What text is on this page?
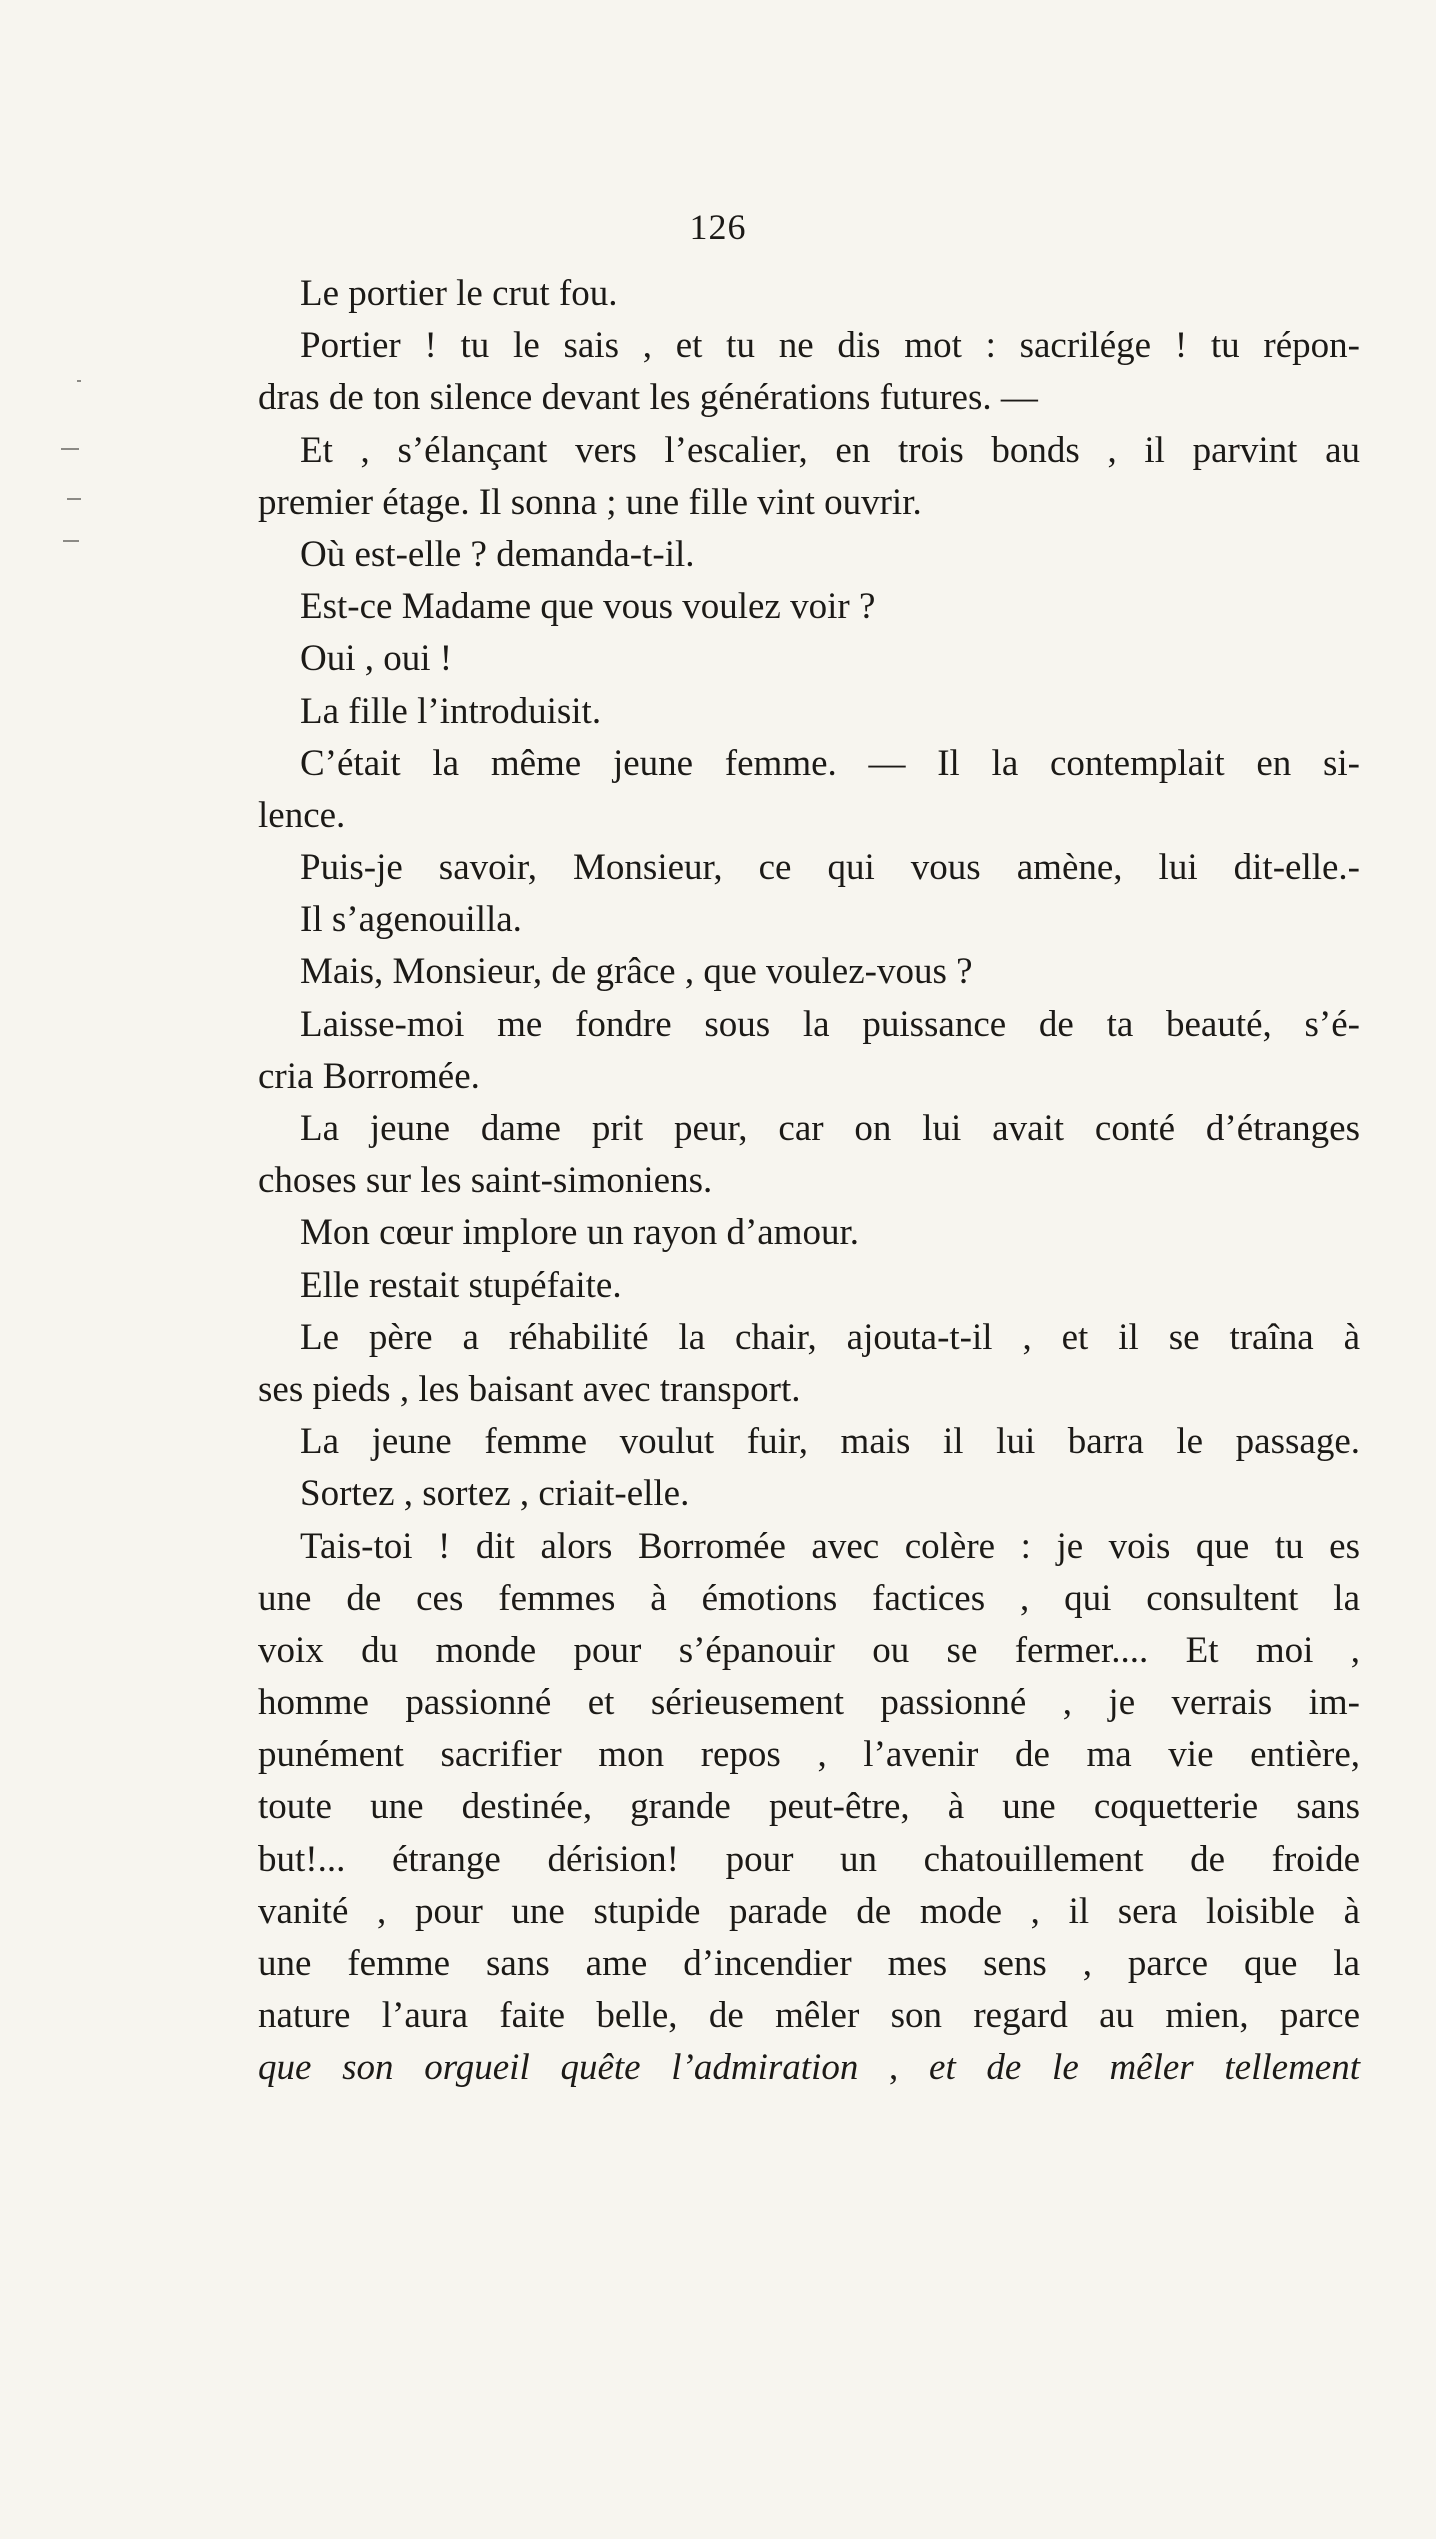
126
Le portier le crut fou.
Portier ! tu le sais , et tu ne dis mot : sacrilége ! tu répon-
dras de ton silence devant les générations futures. —
Et , s’élançant vers l’escalier, en trois bonds , il parvint au
premier étage. Il sonna ; une fille vint ouvrir.
Où est-elle ? demanda-t-il.
Est-ce Madame que vous voulez voir ?
Oui , oui !
La fille l’introduisit.
C’était la même jeune femme. — Il la contemplait en si-
lence.
Puis-je savoir, Monsieur, ce qui vous amène, lui dit-elle.-
Il s’agenouilla.
Mais, Monsieur, de grâce , que voulez-vous ?
Laisse-moi me fondre sous la puissance de ta beauté, s’é-
cria Borromée.
La jeune dame prit peur, car on lui avait conté d’étranges
choses sur les saint-simoniens.
Mon cœur implore un rayon d’amour.
Elle restait stupéfaite.
Le père a réhabilité la chair, ajouta-t-il , et il se traîna à
ses pieds , les baisant avec transport.
La jeune femme voulut fuir, mais il lui barra le passage.
Sortez , sortez , criait-elle.
Tais-toi ! dit alors Borromée avec colère : je vois que tu es
une de ces femmes à émotions factices , qui consultent la
voix du monde pour s’épanouir ou se fermer.... Et moi ,
homme passionné et sérieusement passionné , je verrais im-
punément sacrifier mon repos , l’avenir de ma vie entière,
toute une destinée, grande peut-être, à une coquetterie sans
but!... étrange dérision! pour un chatouillement de froide
vanité , pour une stupide parade de mode , il sera loisible à
une femme sans ame d’incendier mes sens , parce que la
nature l’aura faite belle, de mêler son regard au mien, parce
que son orgueil quête l’admiration , et de le mêler tellement
